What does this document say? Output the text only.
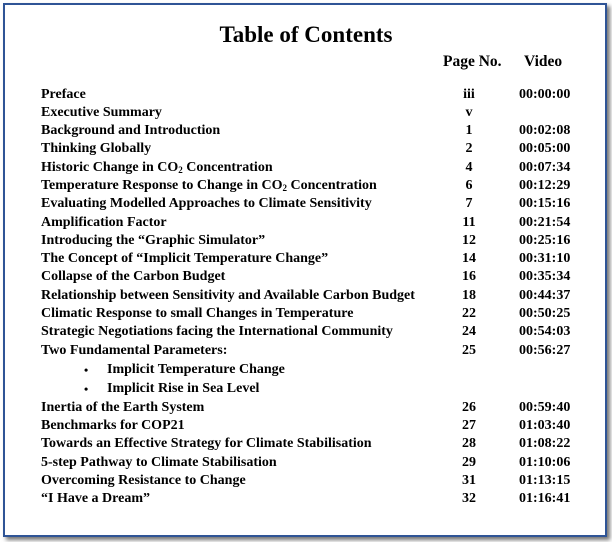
Table of Contents
Page No. Video
Preface	iii	00:00:00
Executive Summary	v
Background and Introduction	1	00:02:08
Thinking Globally	2	00:05:00
Historic Change in $CO_2$ Concentration	4	00:07:34
Temperature Response to Change in $CO_2$ Concentration	6	00:12:29
Evaluating Modelled Approaches to Climate Sensitivity	7	00:15:16
Amplification Factor	11	00:21:54
Introducing the “Graphic Simulator”	12	00:25:16
The Concept of “Implicit Temperature Change”	14	00:31:10
Collapse of the Carbon Budget	16	00:35:34
Relationship between Sensitivity and Available Carbon Budget	18	00:44:37
Climatic Response to small Changes in Temperature	22	00:50:25
Strategic Negotiations facing the International Community	24	00:54:03
Two Fundamental Parameters:	25	00:56:27
• Implicit Temperature Change
• Implicit Rise in Sea Level
Inertia of the Earth System	26	00:59:40
Benchmarks for COP21	27	01:03:40
Towards an Effective Strategy for Climate Stabilisation	28	01:08:22
5-step Pathway to Climate Stabilisation	29	01:10:06
Overcoming Resistance to Change	31	01:13:15
“I Have a Dream”	32	01:16:41
